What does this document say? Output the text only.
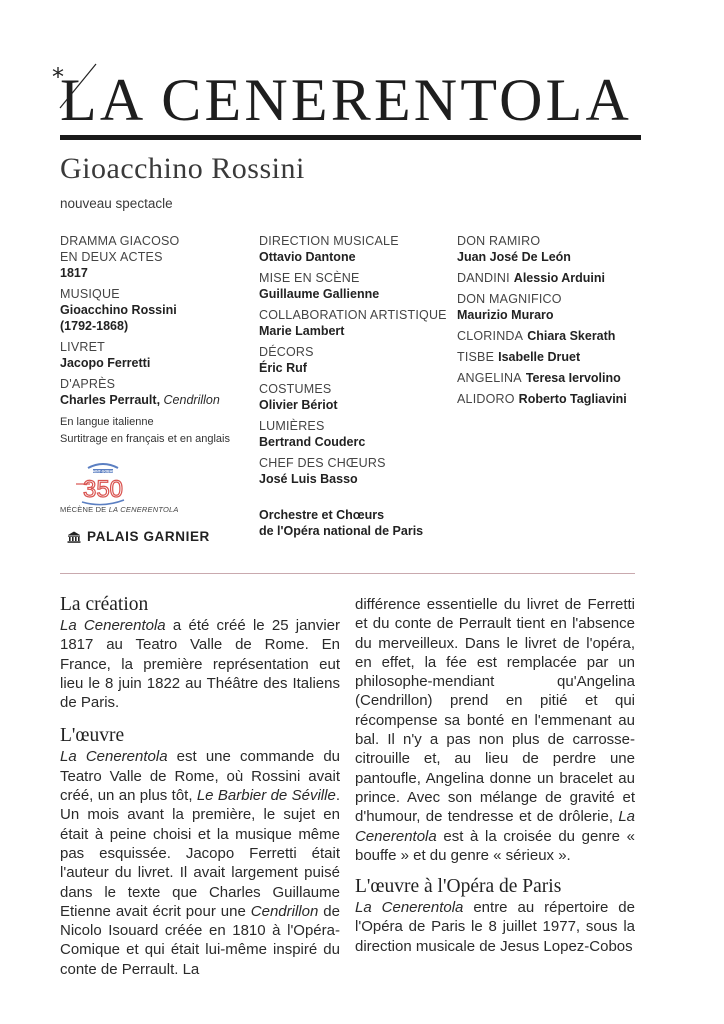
*
LA CENERENTOLA
Gioacchino Rossini
nouveau spectacle
DRAMMA GIACOSO
EN DEUX ACTES
1817
MUSIQUE
Gioacchino Rossini
(1792-1868)
LIVRET
Jacopo Ferretti
D'APRÈS
Charles Perrault, Cendrillon
En langue italienne
Surtitrage en français et en anglais
SAINT-GOBAIN
350
MÉCÈNE DE LA CENERENTOLA
PALAIS GARNIER
DIRECTION MUSICALE
Ottavio Dantone
MISE EN SCÈNE
Guillaume Gallienne
COLLABORATION ARTISTIQUE
Marie Lambert
DÉCORS
Éric Ruf
COSTUMES
Olivier Bériot
LUMIÈRES
Bertrand Couderc
CHEF DES CHŒURS
José Luis Basso
Orchestre et Chœurs
de l'Opéra national de Paris
DON RAMIRO
Juan José De León
DANDINI Alessio Arduini
DON MAGNIFICO
Maurizio Muraro
CLORINDA Chiara Skerath
TISBE Isabelle Druet
ANGELINA Teresa Iervolino
ALIDORO Roberto Tagliavini
La création

La Cenerentola a été créé le 25 janvier 1817 au Teatro Valle de Rome. En France, la première représentation eut lieu le 8 juin 1822 au Théâtre des Italiens de Paris.

L'œuvre

La Cenerentola est une commande du Teatro Valle de Rome, où Rossini avait créé, un an plus tôt, Le Barbier de Séville. Un mois avant la première, le sujet en était à peine choisi et la musique même pas esquissée. Jacopo Ferretti était l'auteur du livret. Il avait largement puisé dans le texte que Charles Guillaume Etienne avait écrit pour une Cendrillon de Nicolo Isouard créée en 1810 à l'Opéra-Comique et qui était lui-même inspiré du conte de Perrault. La

différence essentielle du livret de Ferretti et du conte de Perrault tient en l'absence du merveilleux. Dans le livret de l'opéra, en effet, la fée est remplacée par un philosophe-mendiant qu'Angelina (Cendrillon) prend en pitié et qui récompense sa bonté en l'emmenant au bal. Il n'y a pas non plus de carrosse-citrouille et, au lieu de perdre une pantoufle, Angelina donne un bracelet au prince. Avec son mélange de gravité et d'humour, de tendresse et de drôlerie, La Cenerentola est à la croisée du genre « bouffe » et du genre « sérieux ».

L'œuvre à l'Opéra de Paris

La Cenerentola entre au répertoire de l'Opéra de Paris le 8 juillet 1977, sous la direction musicale de Jesus Lopez-Cobos
